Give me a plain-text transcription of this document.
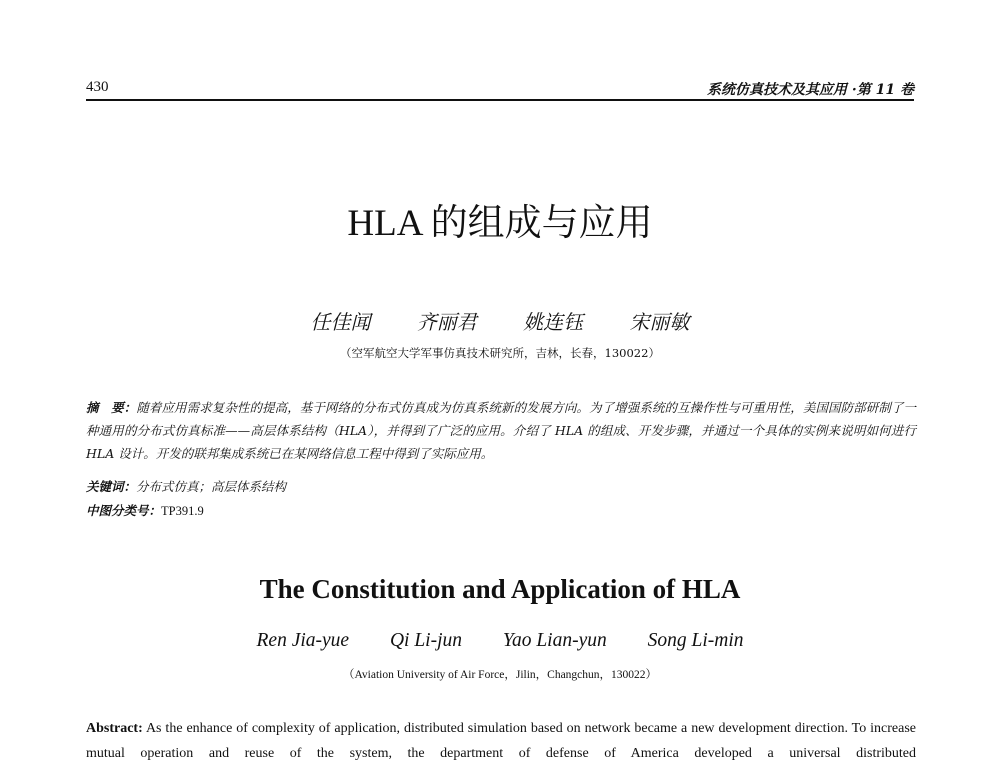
430	系统仿真技术及其应用 ·第 11 卷
HLA 的组成与应用
任佳闻 齐丽君 姚连钰 宋丽敏
（空军航空大学军事仿真技术研究所，吉林，长春，130022）
摘　要：随着应用需求复杂性的提高，基于网络的分布式仿真成为仿真系统新的发展方向。为了增强系统的互操作性与可重用性，美国国防部研制了一种通用的分布式仿真标准——高层体系结构（HLA），并得到了广泛的应用。介绍了 HLA 的组成、开发步骤，并通过一个具体的实例来说明如何进行 HLA 设计。开发的联邦集成系统已在某网络信息工程中得到了实际应用。
关键词：分布式仿真；高层体系结构
中图分类号：TP391.9
The Constitution and Application of HLA
Ren Jia-yue Qi Li-jun Yao Lian-yun Song Li-min
（Aviation University of Air Force，Jilin，Changchun，130022）
Abstract: As the enhance of complexity of application, distributed simulation based on network became a new development direction. To increase mutual operation and reuse of the system, the department of defense of America developed a universal distributed
